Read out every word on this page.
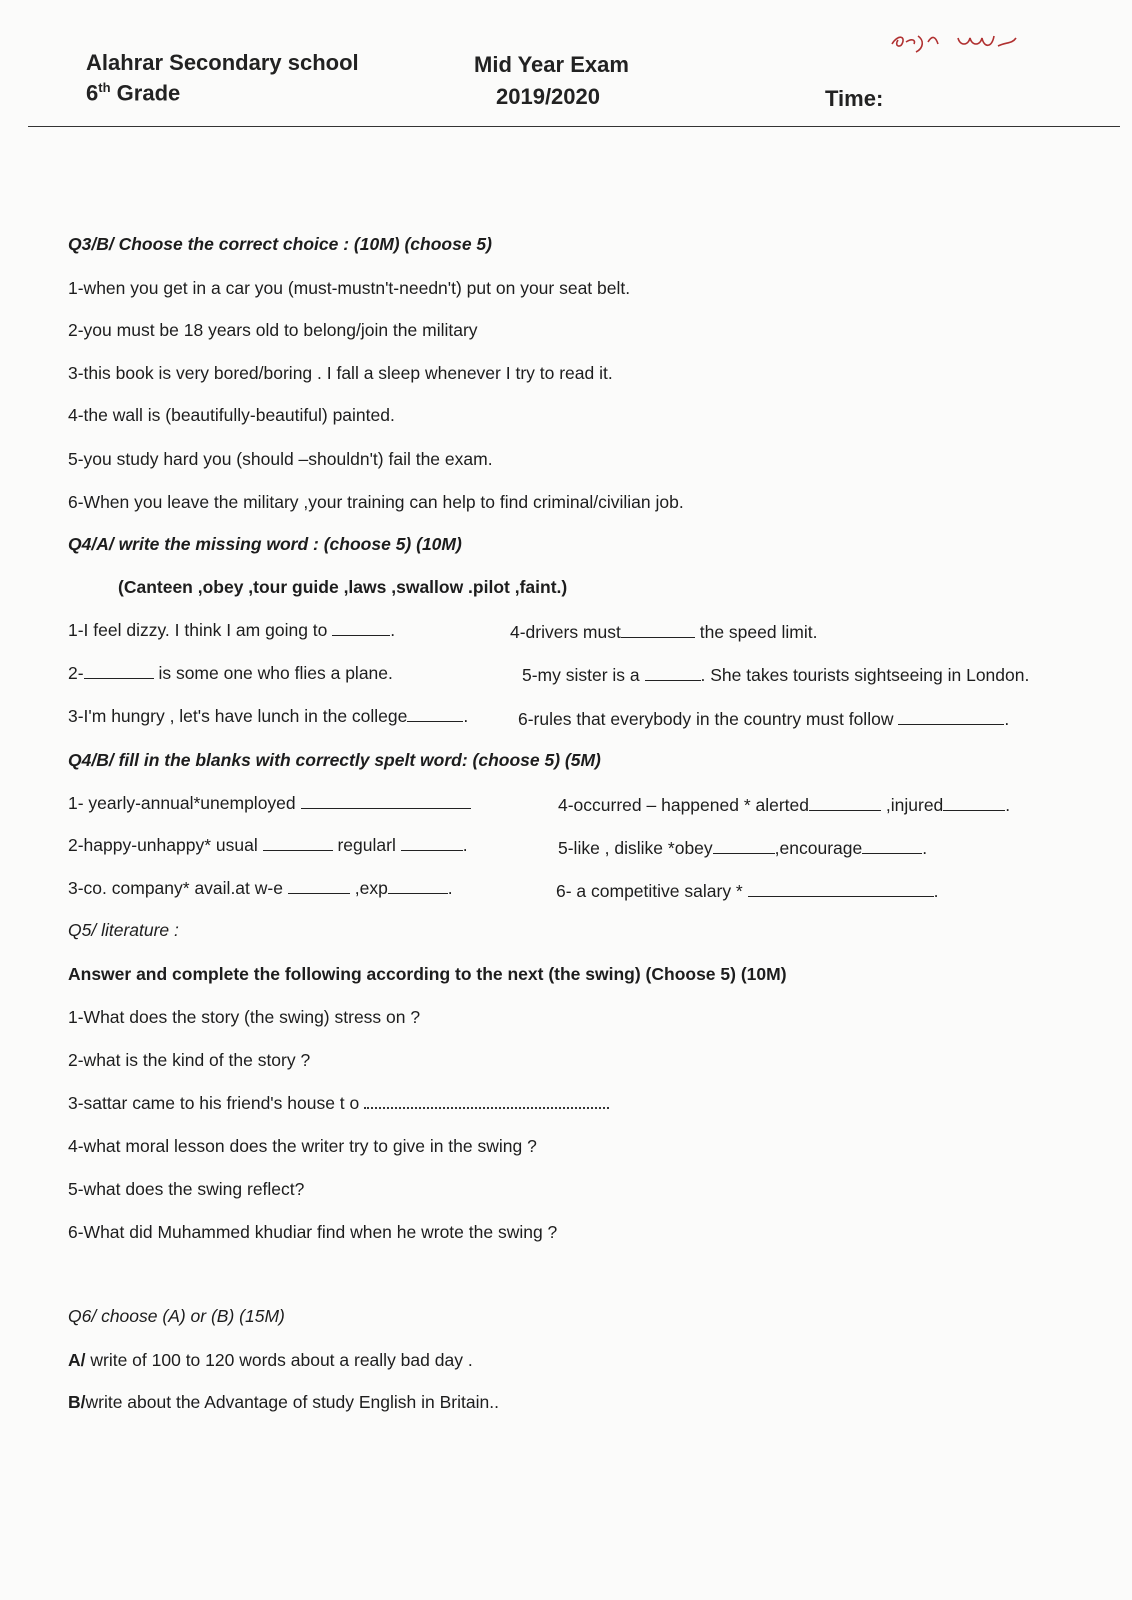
Alahrar Secondary school
6th Grade
Mid Year Exam
2019/2020	Time:
Q3/B/ Choose the correct choice : (10M) (choose 5)
1-when you get in a car you (must-mustn't-needn't) put on your seat belt.
2-you must be 18 years old to belong/join the military
3-this book is very bored/boring . I fall a sleep whenever I try to read it.
4-the wall is (beautifully-beautiful) painted.
5-you study hard you (should –shouldn't) fail the exam.
6-When you leave the military ,your training can help to find criminal/civilian job.
Q4/A/ write the missing word : (choose 5) (10M)
(Canteen ,obey ,tour guide ,laws ,swallow .pilot ,faint.)
1-I feel dizzy. I think I am going to	.	4-drivers must	the speed limit.
2-	is some one who flies a plane.	5-my sister is a	. She takes tourists sightseeing in London.
3-I'm hungry , let's have lunch in the college	.	6-rules that everybody in the country must follow	.
Q4/B/ fill in the blanks with correctly spelt word: (choose 5) (5M)
1- yearly-annual*unemployed	4-occurred – happened * alerted	,injured	.
2-happy-unhappy* usual	regularl	.	5-like , dislike *obey	,encourage	.
3-co. company* avail.at w-e	,exp	.	6- a competitive salary *	.
Q5/ literature :
Answer and complete the following according to the next (the swing) (Choose 5) (10M)
1-What does the story (the swing) stress on ?
2-what is the kind of the story ?
3-sattar came to his friend's house t o
4-what moral lesson does the writer try to give in the swing ?
5-what does the swing reflect?
6-What did Muhammed khudiar find when he wrote the swing ?
Q6/ choose (A) or (B) (15M)
A/ write of 100 to 120 words about a really bad day .
B/write about the Advantage of study English in Britain..
